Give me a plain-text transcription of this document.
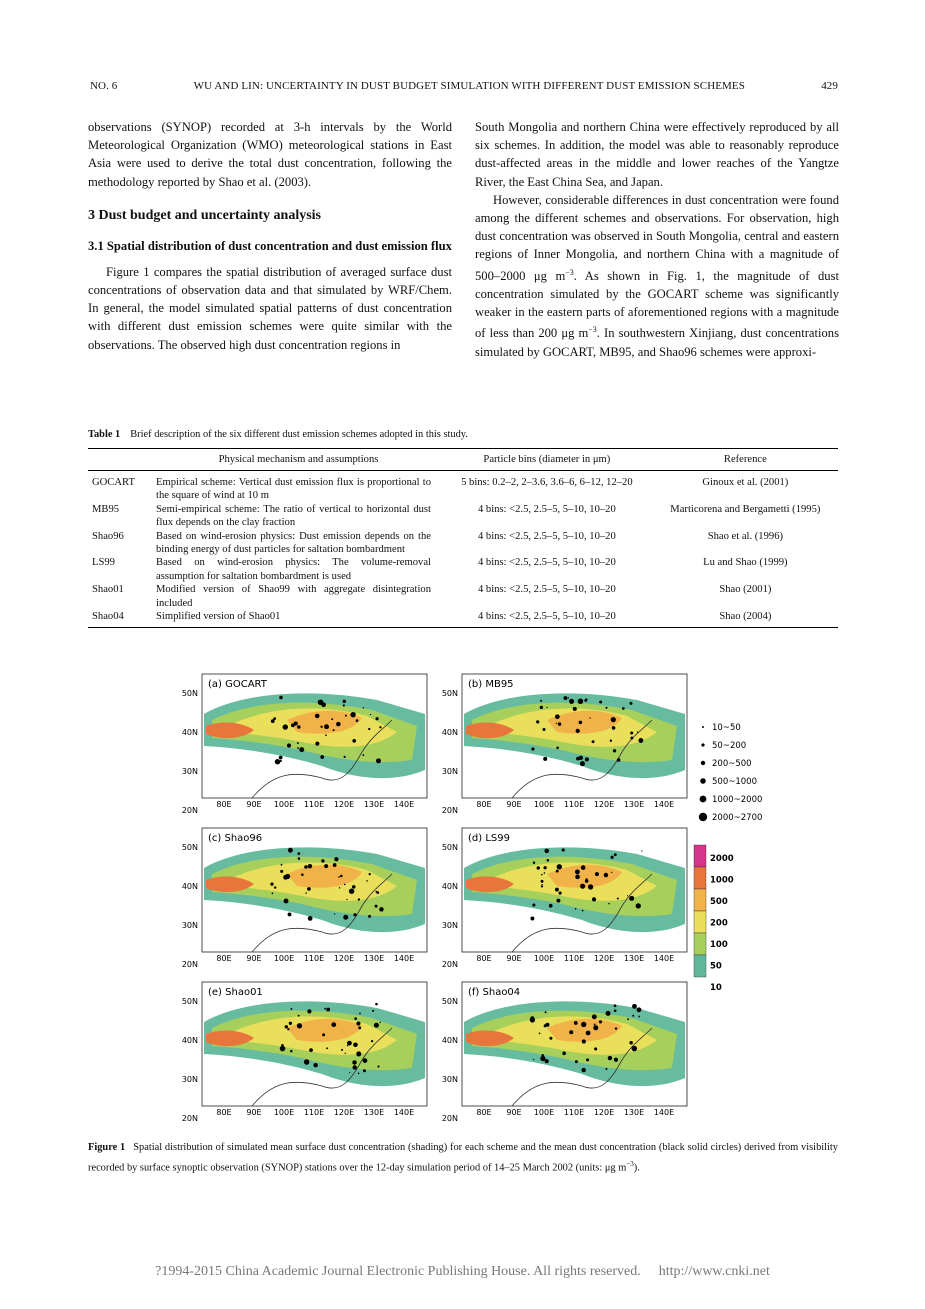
NO. 6	WU AND LIN: UNCERTAINTY IN DUST BUDGET SIMULATION WITH DIFFERENT DUST EMISSION SCHEMES	429

observations (SYNOP) recorded at 3-h intervals by the World Meteorological Organization (WMO) meteorological stations in East Asia were used to derive the total dust concentration, following the methodology reported by Shao et al. (2003).

3 Dust budget and uncertainty analysis
3.1 Spatial distribution of dust concentration and dust emission flux

Figure 1 compares the spatial distribution of averaged surface dust concentrations of observation data and that simulated by WRF/Chem. In general, the model simulated spatial patterns of dust concentration with different dust emission schemes were quite similar with the observations. The observed high dust concentration regions in

South Mongolia and northern China were effectively reproduced by all six schemes. In addition, the model was able to reasonably reproduce dust-affected areas in the middle and lower reaches of the Yangtze River, the East China Sea, and Japan.

However, considerable differences in dust concentration were found among the different schemes and observations. For observation, high dust concentration was observed in South Mongolia, central and eastern regions of Inner Mongolia, and northern China with a magnitude of 500–2000 μg $m^{-3}$. As shown in Fig. 1, the magnitude of dust concentration simulated by the GOCART scheme was significantly weaker in the eastern parts of aforementioned regions with a magnitude of less than 200 μg $m^{-3}$. In southwestern Xinjiang, dust concentrations simulated by GOCART, MB95, and Shao96 schemes were approxi-

Table 1 Brief description of the six different dust emission schemes adopted in this study.
	Physical mechanism and assumptions	Particle bins (diameter in μm)	Reference
GOCART	Empirical scheme: Vertical dust emission flux is proportional to the square of wind at 10 m	5 bins: 0.2–2, 2–3.6, 3.6–6, 6–12, 12–20	Ginoux et al. (2001)
MB95	Semi-empirical scheme: The ratio of vertical to horizontal dust flux depends on the clay fraction	4 bins: <2.5, 2.5–5, 5–10, 10–20	Marticorena and Bergametti (1995)
Shao96	Based on wind-erosion physics: Dust emission depends on the binding energy of dust particles for saltation bombardment	4 bins: <2.5, 2.5–5, 5–10, 10–20	Shao et al. (1996)
LS99	Based on wind-erosion physics: The volume-removal assumption for saltation bombardment is used	4 bins: <2.5, 2.5–5, 5–10, 10–20	Lu and Shao (1999)
Shao01	Modified version of Shao99 with aggregate disintegration included	4 bins: <2.5, 2.5–5, 5–10, 10–20	Shao (2001)
Shao04	Simplified version of Shao01	4 bins: <2.5, 2.5–5, 5–10, 10–20	Shao (2004)
(a) GOCART
50N
40N
30N
20N
80E 90E 100E 110E 120E 130E 140E
(b) MB95
50N
40N
30N
20N
80E 90E 100E 110E 120E 130E 140E
(c) Shao96
50N
40N
30N
20N
80E 90E 100E 110E 120E 130E 140E
(d) LS99
50N
40N
30N
20N
80E 90E 100E 110E 120E 130E 140E
(e) Shao01
50N
40N
30N
20N
80E 90E 100E 110E 120E 130E 140E
(f) Shao04
50N
40N
30N
20N
80E 90E 100E 110E 120E 130E 140E
10~50
50~200
200~500
500~1000
1000~2000
2000~2700
2000
1000
500
200
100
50
10
Figure 1 Spatial distribution of simulated mean surface dust concentration (shading) for each scheme and the mean dust concentration (black solid circles) derived from visibility recorded by surface synoptic observation (SYNOP) stations over the 12-day simulation period of 14–25 March 2002 (units: μg $m^{-3}$).
?1994-2015 China Academic Journal Electronic Publishing House. All rights reserved. http://www.cnki.net
